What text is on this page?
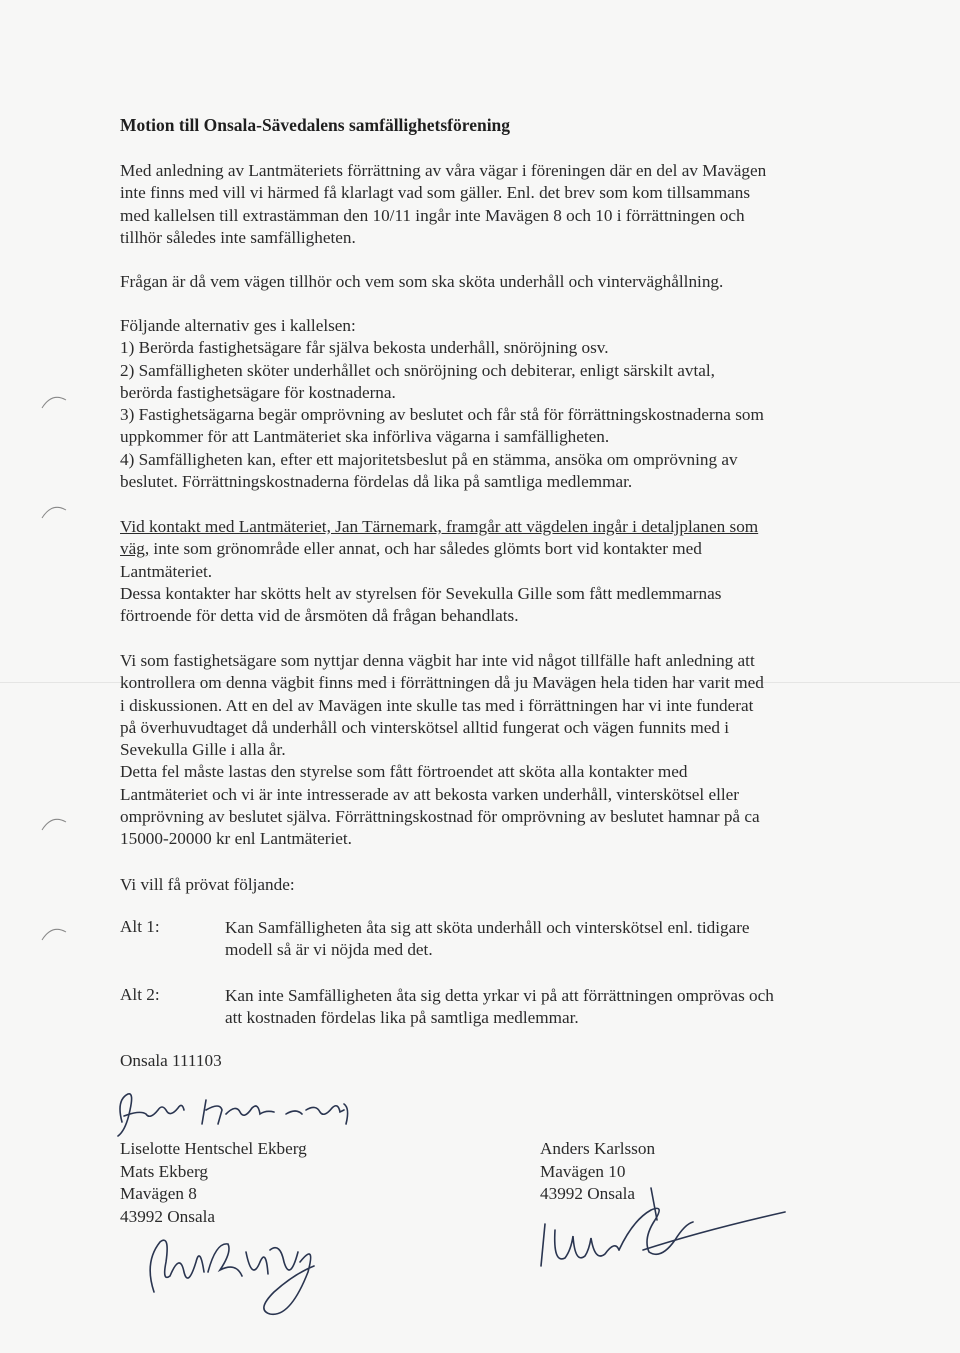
Motion till Onsala-Sävedalens samfällighetsförening

Med anledning av Lantmäteriets förrättning av våra vägar i föreningen där en del av Mavägen

inte finns med vill vi härmed få klarlagt vad som gäller. Enl. det brev som kom tillsammans

med kallelsen till extrastämman den 10/11 ingår inte Mavägen 8 och 10 i förrättningen och

tillhör således inte samfälligheten.

Frågan är då vem vägen tillhör och vem som ska sköta underhåll och vinterväghållning.

Följande alternativ ges i kallelsen:

1) Berörda fastighetsägare får själva bekosta underhåll, snöröjning osv.

2) Samfälligheten sköter underhållet och snöröjning och debiterar, enligt särskilt avtal,

berörda fastighetsägare för kostnaderna.

3) Fastighetsägarna begär omprövning av beslutet och får stå för förrättningskostnaderna som

uppkommer för att Lantmäteriet ska införliva vägarna i samfälligheten.

4) Samfälligheten kan, efter ett majoritetsbeslut på en stämma, ansöka om omprövning av

beslutet. Förrättningskostnaderna fördelas då lika på samtliga medlemmar.

Vid kontakt med Lantmäteriet, Jan Tärnemark, framgår att vägdelen ingår i detaljplanen som

väg, inte som grönområde eller annat, och har således glömts bort vid kontakter med

Lantmäteriet.

Dessa kontakter har skötts helt av styrelsen för Sevekulla Gille som fått medlemmarnas

förtroende för detta vid de årsmöten då frågan behandlats.

Vi som fastighetsägare som nyttjar denna vägbit har inte vid något tillfälle haft anledning att

kontrollera om denna vägbit finns med i förrättningen då ju Mavägen hela tiden har varit med

i diskussionen. Att en del av Mavägen inte skulle tas med i förrättningen har vi inte funderat

på överhuvudtaget då underhåll och vinterskötsel alltid fungerat och vägen funnits med i

Sevekulla Gille i alla år.

Detta fel måste lastas den styrelse som fått förtroendet att sköta alla kontakter med

Lantmäteriet och vi är inte intresserade av att bekosta varken underhåll, vinterskötsel eller

omprövning av beslutet själva. Förrättningskostnad för omprövning av beslutet hamnar på ca

15000-20000 kr enl Lantmäteriet.

Vi vill få prövat följande:

Alt 1:	Kan Samfälligheten åta sig att sköta underhåll och vinterskötsel enl. tidigare
modell så är vi nöjda med det.
Alt 2:	Kan inte Samfälligheten åta sig detta yrkar vi på att förrättningen omprövas och
att kostnaden fördelas lika på samtliga medlemmar.

Onsala 111103

Liselotte Hentschel Ekberg
Mats Ekberg
Mavägen 8
43992 Onsala
Anders Karlsson
Mavägen 10
43992 Onsala
